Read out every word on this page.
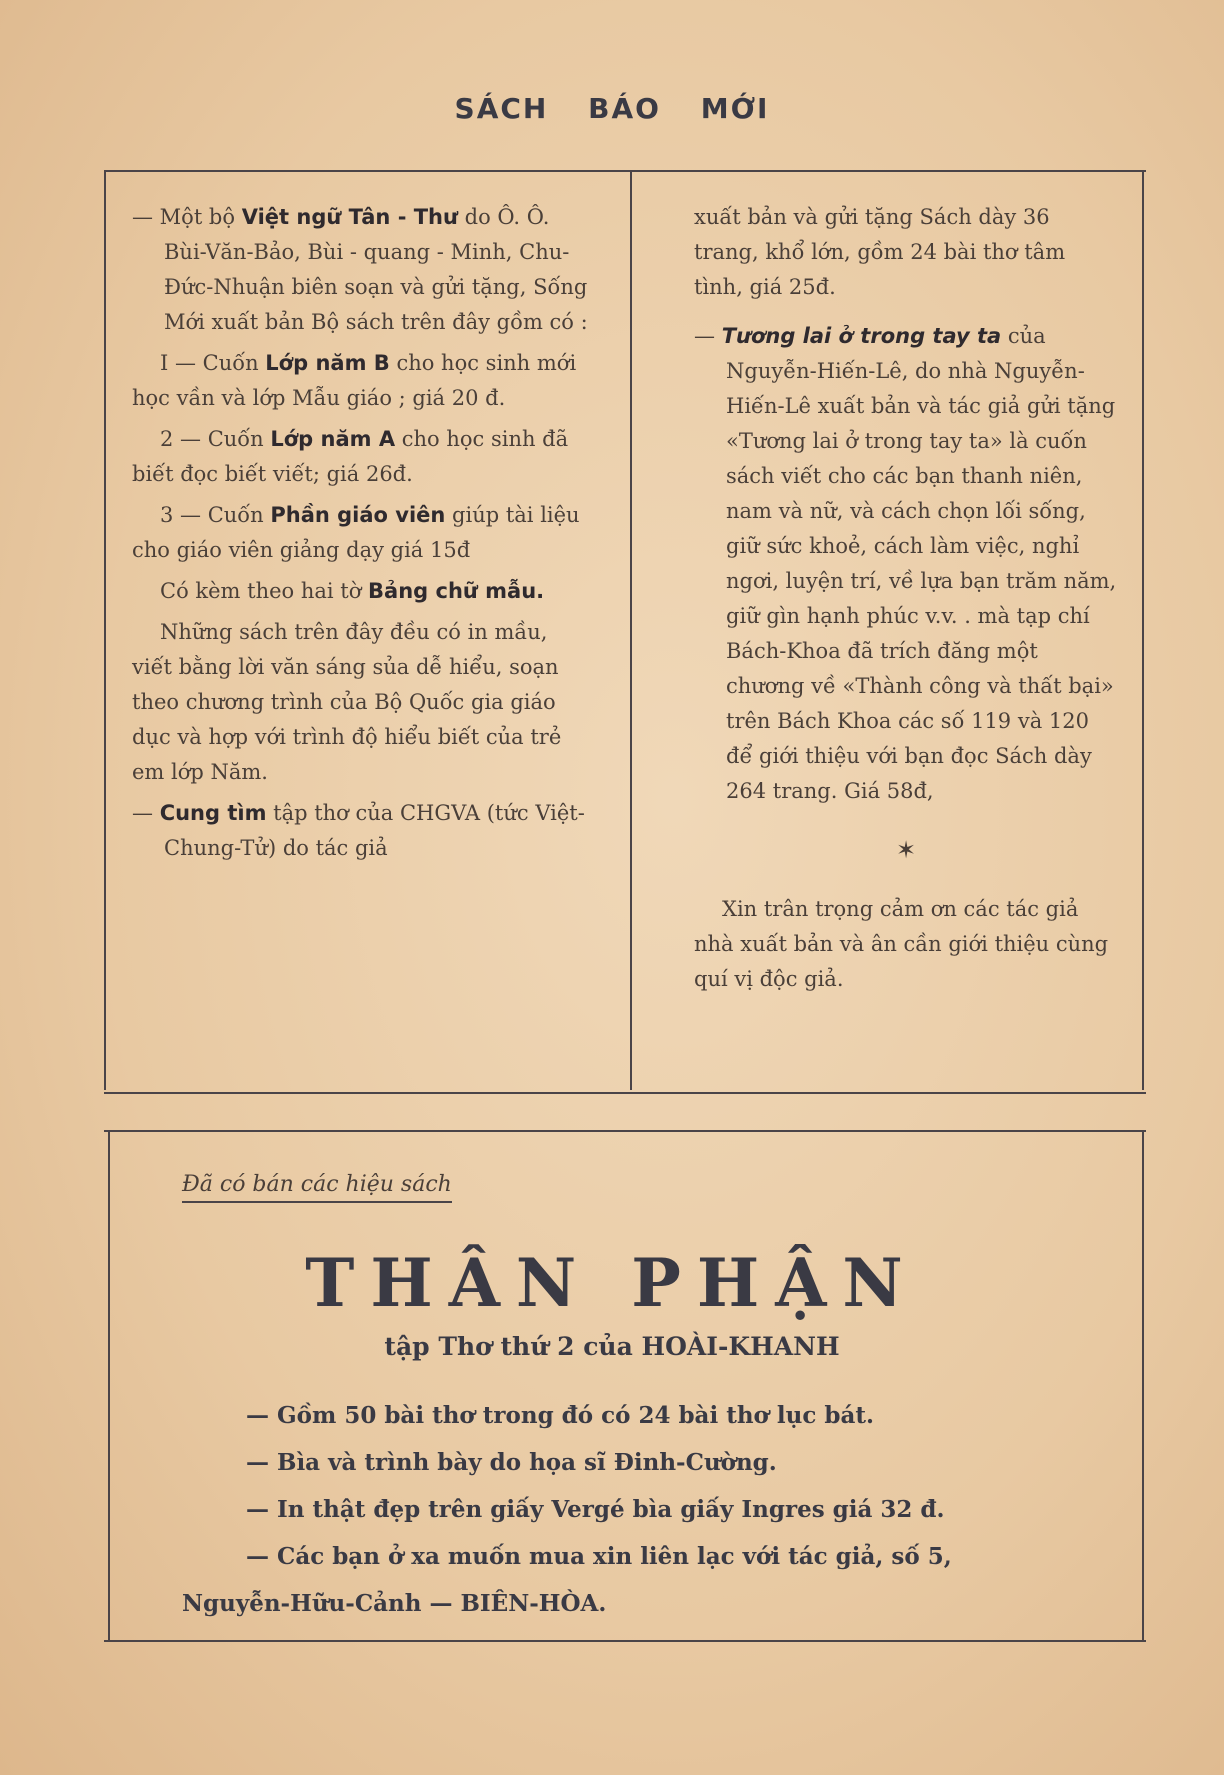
SÁCH BÁO MỚI

— Một bộ Việt ngữ Tân - Thư do Ô. Ô. Bùi-Văn-Bảo, Bùi - quang - Minh, Chu-Đức-Nhuận biên soạn và gửi tặng, Sống Mới xuất bản Bộ sách trên đây gồm có :

I — Cuốn Lớp năm B cho học sinh mới học vần và lớp Mẫu giáo ; giá 20 đ.

2 — Cuốn Lớp năm A cho học sinh đã biết đọc biết viết; giá 26đ.

3 — Cuốn Phần giáo viên giúp tài liệu cho giáo viên giảng dạy giá 15đ

Có kèm theo hai tờ Bảng chữ mẫu.

Những sách trên đây đều có in mầu, viết bằng lời văn sáng sủa dễ hiểu, soạn theo chương trình của Bộ Quốc gia giáo dục và hợp với trình độ hiểu biết của trẻ em lớp Năm.

— Cung tìm tập thơ của CHGVA (tức Việt-Chung-Tử) do tác giả

xuất bản và gửi tặng Sách dày 36 trang, khổ lớn, gồm 24 bài thơ tâm tình, giá 25đ.

— Tương lai ở trong tay ta của Nguyễn-Hiến-Lê, do nhà Nguyễn-Hiến-Lê xuất bản và tác giả gửi tặng «Tương lai ở trong tay ta» là cuốn sách viết cho các bạn thanh niên, nam và nữ, và cách chọn lối sống, giữ sức khoẻ, cách làm việc, nghỉ ngơi, luyện trí, về lựa bạn trăm năm, giữ gìn hạnh phúc v.v. . mà tạp chí Bách-Khoa đã trích đăng một chương về «Thành công và thất bại» trên Bách Khoa các số 119 và 120 để giới thiệu với bạn đọc Sách dày 264 trang. Giá 58đ,

✶

Xin trân trọng cảm ơn các tác giả nhà xuất bản và ân cần giới thiệu cùng quí vị độc giả.

Đã có bán các hiệu sách
THÂN PHẬN
tập Thơ thứ 2 của HOÀI-KHANH
— Gồm 50 bài thơ trong đó có 24 bài thơ lục bát.
— Bìa và trình bày do họa sĩ Đinh-Cường.
— In thật đẹp trên giấy Vergé bìa giấy Ingres giá 32 đ.
— Các bạn ở xa muốn mua xin liên lạc với tác giả, số 5,
Nguyễn-Hữu-Cảnh — BIÊN-HÒA.
